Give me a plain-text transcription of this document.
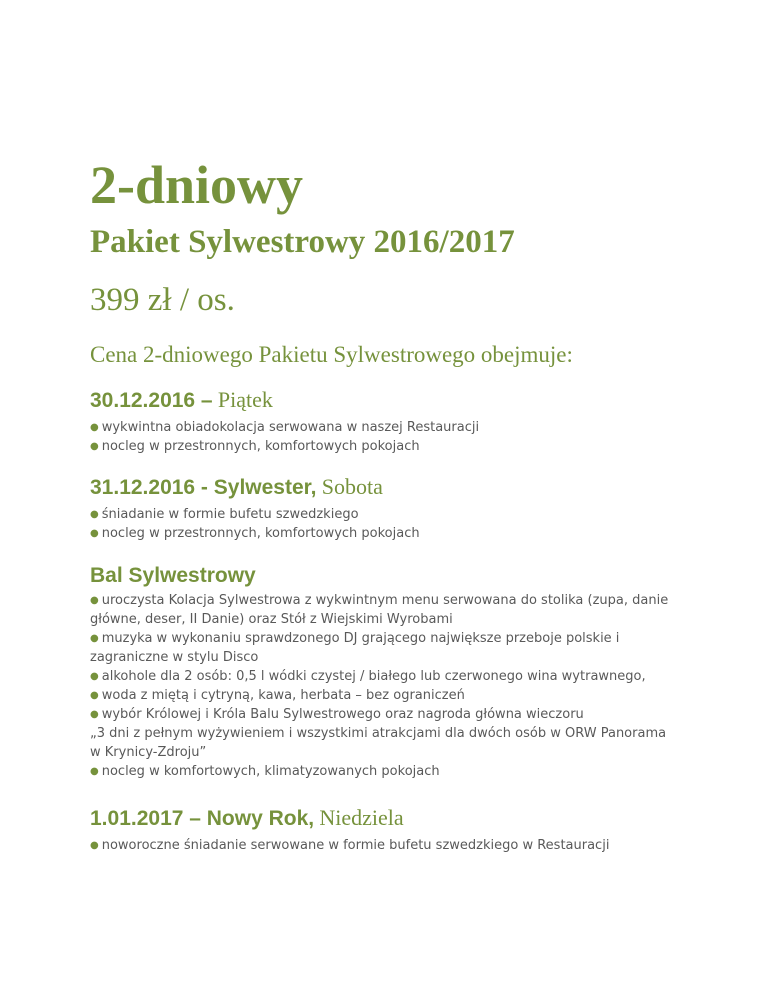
2-dniowy
Pakiet Sylwestrowy 2016/2017
399 zł / os.
Cena 2-dniowego Pakietu Sylwestrowego obejmuje:
30.12.2016 – Piątek
● wykwintna obiadokolacja serwowana w naszej Restauracji
● nocleg w przestronnych, komfortowych pokojach
31.12.2016 - Sylwester, Sobota
● śniadanie w formie bufetu szwedzkiego
● nocleg w przestronnych, komfortowych pokojach
Bal Sylwestrowy
● uroczysta Kolacja Sylwestrowa z wykwintnym menu serwowana do stolika (zupa, danie główne, deser, II Danie) oraz Stół z Wiejskimi Wyrobami
● muzyka w wykonaniu sprawdzonego DJ grającego największe przeboje polskie i zagraniczne w stylu Disco
● alkohole dla 2 osób: 0,5 l wódki czystej / białego lub czerwonego wina wytrawnego,
● woda z miętą i cytryną, kawa, herbata – bez ograniczeń
● wybór Królowej i Króla Balu Sylwestrowego oraz nagroda główna wieczoru
„3 dni z pełnym wyżywieniem i wszystkimi atrakcjami dla dwóch osób w ORW Panorama w Krynicy-Zdroju”
● nocleg w komfortowych, klimatyzowanych pokojach
1.01.2017 – Nowy Rok, Niedziela
● noworoczne śniadanie serwowane w formie bufetu szwedzkiego w Restauracji
